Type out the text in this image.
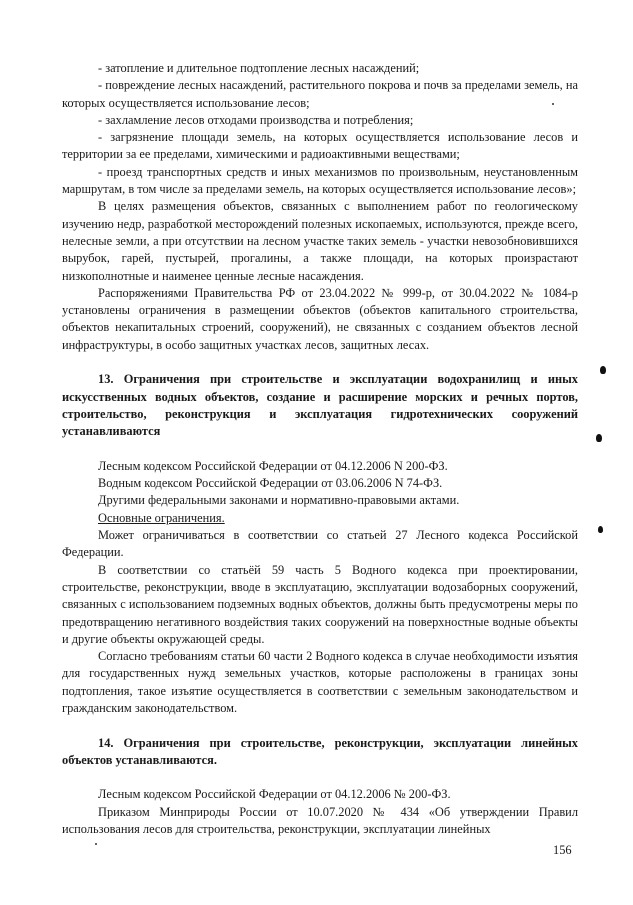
- затопление и длительное подтопление лесных насаждений;

- повреждение лесных насаждений, растительного покрова и почв за пределами земель, на которых осуществляется использование лесов;

- захламление лесов отходами производства и потребления;

- загрязнение площади земель, на которых осуществляется использование лесов и территории за ее пределами, химическими и радиоактивными веществами;

- проезд транспортных средств и иных механизмов по произвольным, неустановленным маршрутам, в том числе за пределами земель, на которых осуществляется использование лесов»;

В целях размещения объектов, связанных с выполнением работ по геологическому изучению недр, разработкой месторождений полезных ископаемых, используются, прежде всего, нелесные земли, а при отсутствии на лесном участке таких земель - участки невозобновившихся вырубок, гарей, пустырей, прогалины, а также площади, на которых произрастают низкополнотные и наименее ценные лесные насаждения.

Распоряжениями Правительства РФ от 23.04.2022 № 999-р, от 30.04.2022 № 1084-р установлены ограничения в размещении объектов (объектов капитального строительства, объектов некапитальных строений, сооружений), не связанных с созданием объектов лесной инфраструктуры, в особо защитных участках лесов, защитных лесах.

13. Ограничения при строительстве и эксплуатации водохранилищ и иных искусственных водных объектов, создание и расширение морских и речных портов, строительство, реконструкция и эксплуатация гидротехнических сооружений устанавливаются

Лесным кодексом Российской Федерации от 04.12.2006 N 200-ФЗ.

Водным кодексом Российской Федерации от 03.06.2006 N 74-ФЗ.

Другими федеральными законами и нормативно-правовыми актами.

Основные ограничения.

Может ограничиваться в соответствии со статьей 27 Лесного кодекса Российской Федерации.

В соответствии со статьёй 59 часть 5 Водного кодекса при проектировании, строительстве, реконструкции, вводе в эксплуатацию, эксплуатации водозаборных сооружений, связанных с использованием подземных водных объектов, должны быть предусмотрены меры по предотвращению негативного воздействия таких сооружений на поверхностные водные объекты и другие объекты окружающей среды.

Согласно требованиям статьи 60 части 2 Водного кодекса в случае необходимости изъятия для государственных нужд земельных участков, которые расположены в границах зоны подтопления, такое изъятие осуществляется в соответствии с земельным законодательством и гражданским законодательством.

14. Ограничения при строительстве, реконструкции, эксплуатации линейных объектов устанавливаются.

Лесным кодексом Российской Федерации от 04.12.2006 № 200-ФЗ.

Приказом Минприроды России от 10.07.2020 № 434 «Об утверждении Правил использования лесов для строительства, реконструкции, эксплуатации линейных

156
